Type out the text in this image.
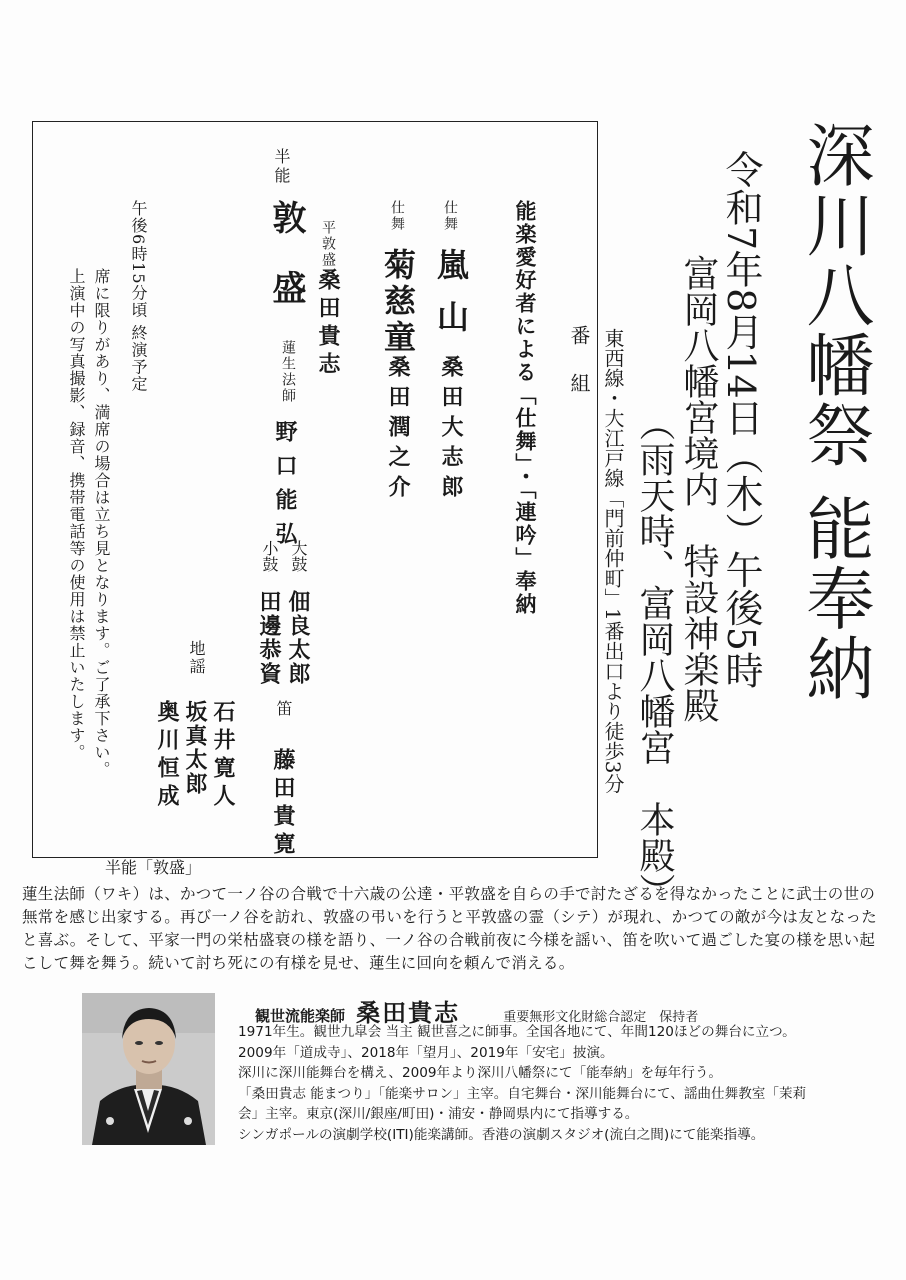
深川八幡祭 能奉納

令和7年8月14日（木）午後5時

富岡八幡宮境内　特設神楽殿

（雨天時、富岡八幡宮　本殿）

東西線・大江戸線「門前仲町」1番出口より徒歩3分

番組

能楽愛好者による「仕舞」・「連吟」奉納

仕舞

嵐山

桑田大志郎

仕舞

菊慈童

桑田潤之介

平敦盛

桑田貴志

半能

敦盛

蓮生法師

野口能弘

大鼓

佃良太郎

小鼓

田邊恭資

笛

藤田貴寛

地謡

石井寛人

坂真太郎

奥川恒成

午後6時15分頃 終演予定

席に限りがあり、満席の場合は立ち見となります。ご了承下さい。

上演中の写真撮影、録音、携帯電話等の使用は禁止いたします。

半能「敦盛」

蓮生法師（ワキ）は、かつて一ノ谷の合戦で十六歳の公達・平敦盛を自らの手で討たざるを得なかったことに武士の世の無常を感じ出家する。再び一ノ谷を訪れ、敦盛の弔いを行うと平敦盛の霊（シテ）が現れ、かつての敵が今は友となったと喜ぶ。そして、平家一門の栄枯盛衰の様を語り、一ノ谷の合戦前夜に今様を謡い、笛を吹いて過ごした宴の様を思い起こして舞を舞う。続いて討ち死にの有様を見せ、蓮生に回向を頼んで消える。

観世流能楽師 桑田貴志	重要無形文化財総合認定　保持者
1971年生。観世九皐会 当主 観世喜之に師事。全国各地にて、年間120ほどの舞台に立つ。
2009年「道成寺」、2018年「望月」、2019年「安宅」披演。
深川に深川能舞台を構え、2009年より深川八幡祭にて「能奉納」を毎年行う。
「桑田貴志 能まつり」「能楽サロン」主宰。自宅舞台・深川能舞台にて、謡曲仕舞教室「茉莉
会」主宰。東京(深川/銀座/町田)・浦安・静岡県内にて指導する。
シンガポールの演劇学校(ITI)能楽講師。香港の演劇スタジオ(流白之間)にて能楽指導。
